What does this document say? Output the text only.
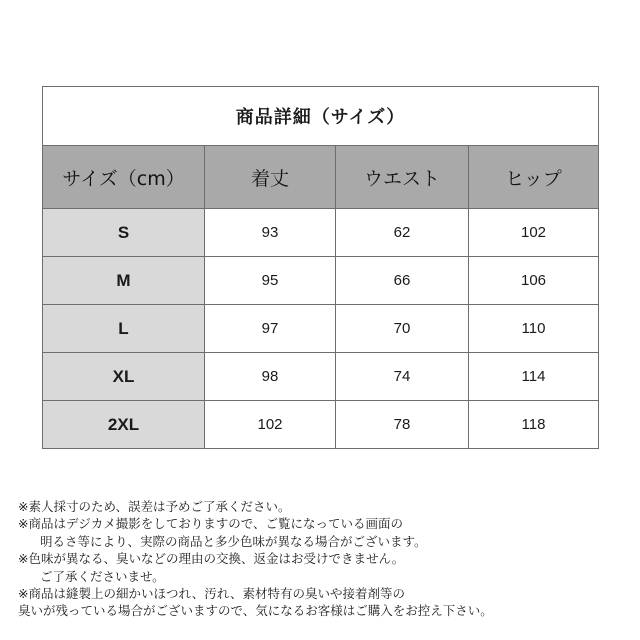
商品詳細（サイズ）			
サイズ（cm）	着丈	ウエスト	ヒップ
S	93	62	102
M	95	66	106
L	97	70	110
XL	98	74	114
2XL	102	78	118

※素人採寸のため、誤差は予めご了承ください。

※商品はデジカメ撮影をしておりますので、ご覧になっている画面の

明るさ等により、実際の商品と多少色味が異なる場合がございます。

※色味が異なる、臭いなどの理由の交換、返金はお受けできません。

ご了承くださいませ。

※商品は縫製上の細かいほつれ、汚れ、素材特有の臭いや接着剤等の

臭いが残っている場合がございますので、気になるお客様はご購入をお控え下さい。
